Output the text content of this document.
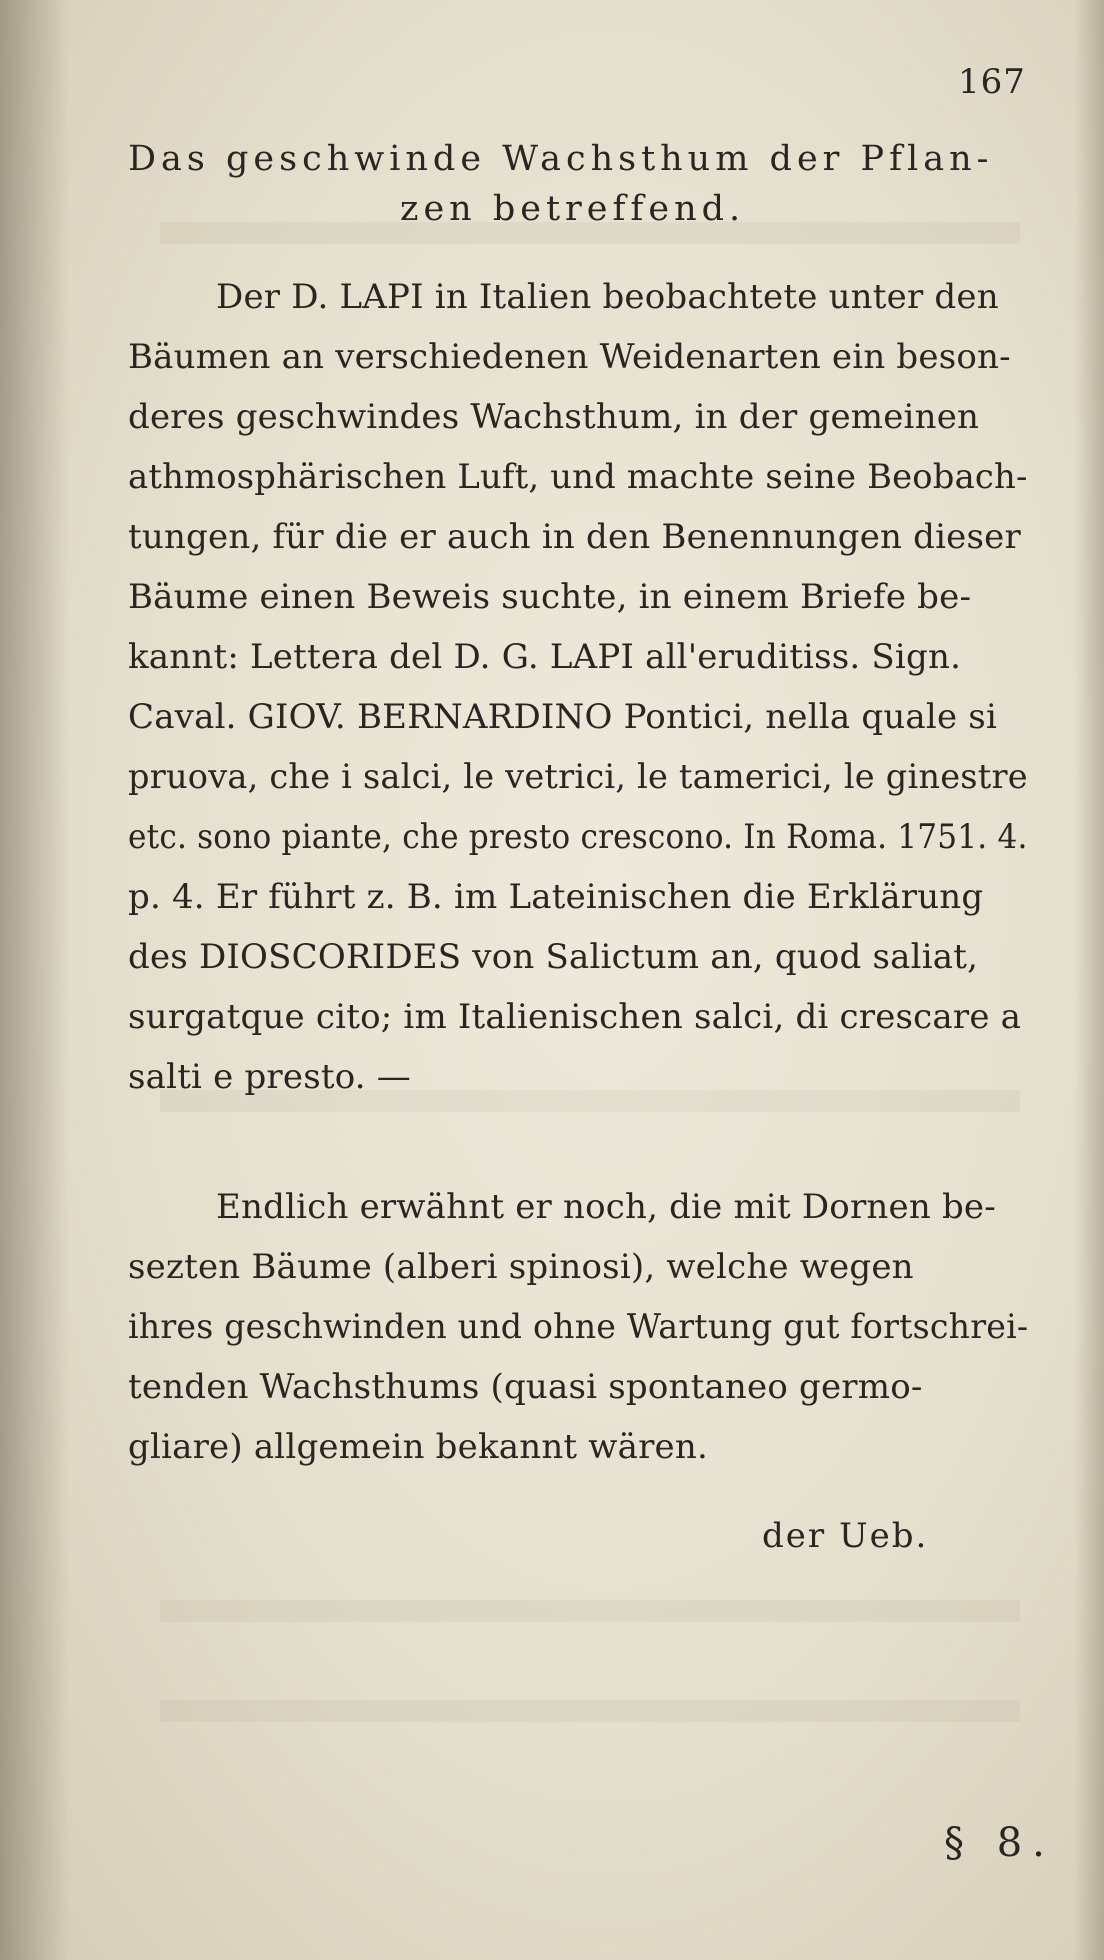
167
Das geschwinde Wachsthum der Pflan-
zen betreffend.
Der D. LAPI in Italien beobachtete unter den
Bäumen an verschiedenen Weidenarten ein beson-
deres geschwindes Wachsthum, in der gemeinen
athmosphärischen Luft, und machte seine Beobach-
tungen, für die er auch in den Benennungen dieser
Bäume einen Beweis suchte, in einem Briefe be-
kannt: Lettera del D. G. LAPI all'eruditiss. Sign.
Caval. GIOV. BERNARDINO Pontici, nella quale si
pruova, che i salci, le vetrici, le tamerici, le ginestre
etc. sono piante, che presto crescono. In Roma. 1751. 4.
p. 4. Er führt z. B. im Lateinischen die Erklärung
des DIOSCORIDES von Salictum an, quod saliat,
surgatque cito; im Italienischen salci, di crescare a
salti e presto. —
Endlich erwähnt er noch, die mit Dornen be-
sezten Bäume (alberi spinosi), welche wegen
ihres geschwinden und ohne Wartung gut fortschrei-
tenden Wachsthums (quasi spontaneo germo-
gliare) allgemein bekannt wären.
der Ueb.
§ 8.
